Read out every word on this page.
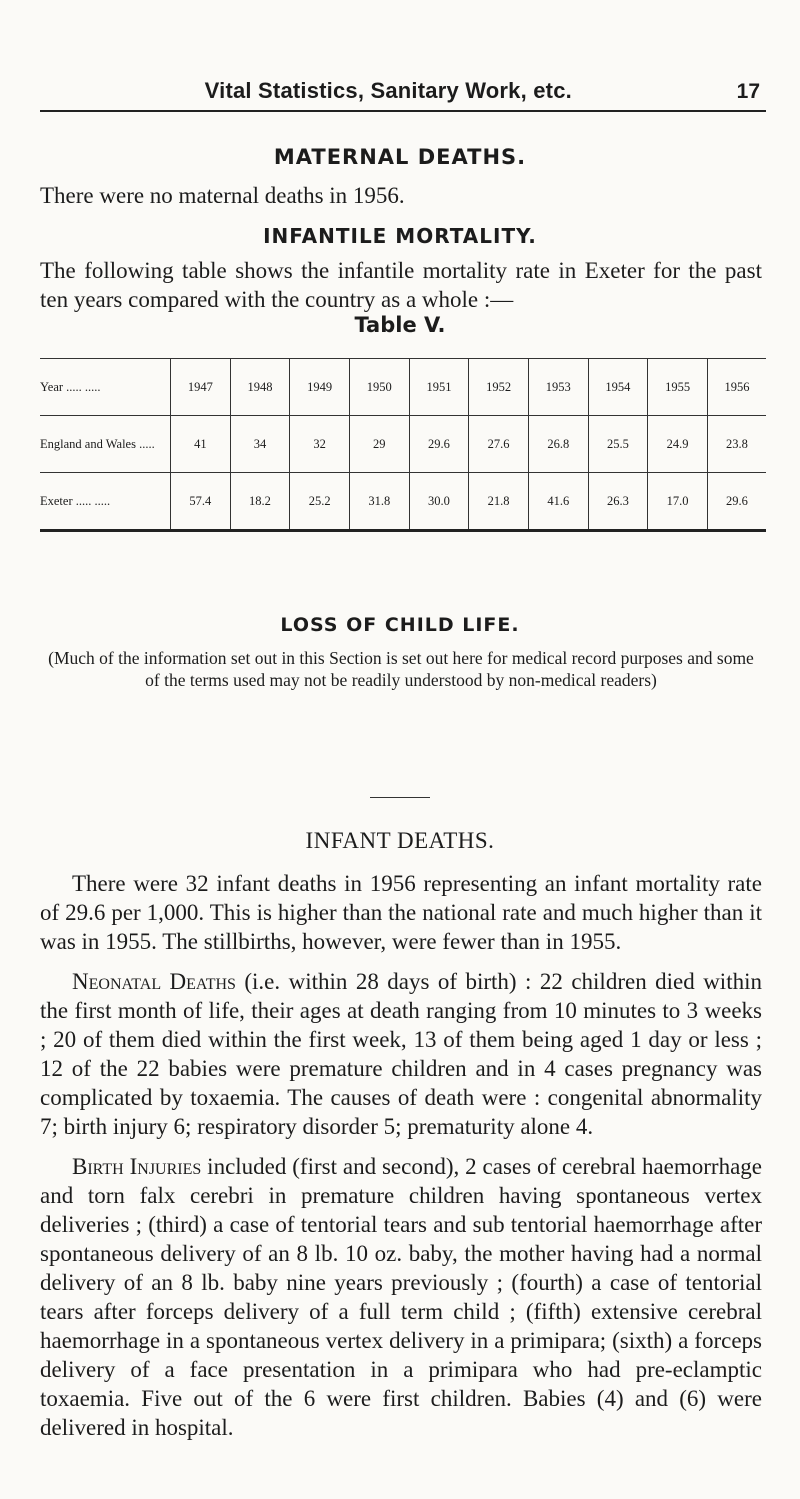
Vital Statistics, Sanitary Work, etc.	17
MATERNAL DEATHS.

There were no maternal deaths in 1956.

INFANTILE MORTALITY.

The following table shows the infantile mortality rate in Exeter for the past ten years compared with the country as a whole :—

Table V.
Year ..... .....	1947	1948	1949	1950	1951	1952	1953	1954	1955	1956
England and Wales .....	41	34	32	29	29.6	27.6	26.8	25.5	24.9	23.8
Exeter ..... .....	57.4	18.2	25.2	31.8	30.0	21.8	41.6	26.3	17.0	29.6
LOSS OF CHILD LIFE.
(Much of the information set out in this Section is set out here for medical record purposes and some of the terms used may not be readily understood by non-medical readers)
INFANT DEATHS.

There were 32 infant deaths in 1956 representing an infant mortality rate of 29.6 per 1,000. This is higher than the national rate and much higher than it was in 1955. The stillbirths, however, were fewer than in 1955.

Neonatal Deaths (i.e. within 28 days of birth) : 22 children died within the first month of life, their ages at death ranging from 10 minutes to 3 weeks ; 20 of them died within the first week, 13 of them being aged 1 day or less ; 12 of the 22 babies were premature children and in 4 cases pregnancy was complicated by toxaemia. The causes of death were : congenital abnormality 7; birth injury 6; respiratory disorder 5; prematurity alone 4.

Birth Injuries included (first and second), 2 cases of cerebral haemorrhage and torn falx cerebri in premature children having spontaneous vertex deliveries ; (third) a case of tentorial tears and sub tentorial haemorrhage after spontaneous delivery of an 8 lb. 10 oz. baby, the mother having had a normal delivery of an 8 lb. baby nine years previously ; (fourth) a case of tentorial tears after forceps delivery of a full term child ; (fifth) extensive cerebral haemorrhage in a spontaneous vertex delivery in a primipara; (sixth) a forceps delivery of a face presentation in a primipara who had pre-eclamptic toxaemia. Five out of the 6 were first children. Babies (4) and (6) were delivered in hospital.
